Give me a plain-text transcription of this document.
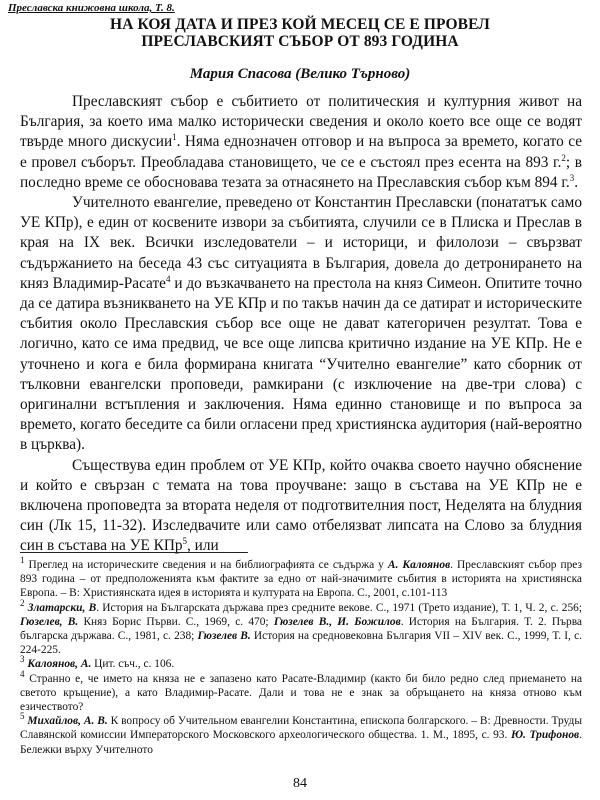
Преславска книжовна школа, Т. 8.
НА КОЯ ДАТА И ПРЕЗ КОЙ МЕСЕЦ СЕ Е ПРОВЕЛ
ПРЕСЛАВСКИЯТ СЪБОР ОТ 893 ГОДИНА
Мария Спасова (Велико Търново)

Преславският събор е събитието от политическия и културния живот на България, за което има малко исторически сведения и около което все още се водят твърде много дискусии$^1$. Няма еднозначен отговор и на въпроса за времето, когато се е провел съборът. Преобладава становището, че се е състоял през есента на 893 г.$^2$; в последно време се обосновава тезата за отнасянето на Преславския събор към 894 г.$^3$.

Учителното евангелие, преведено от Константин Преславски (понататък само УЕ КПр), е един от косвените извори за събитията, случили се в Плиска и Преслав в края на IX век. Всички изследователи – и историци, и филолози – свързват съдържанието на беседа 43 със ситуацията в България, довела до детронирането на княз Владимир-Расате$^4$ и до възкачването на престола на княз Симеон. Опитите точно да се датира възникването на УЕ КПр и по такъв начин да се датират и историческите събития около Преславския събор все още не дават категоричен резултат. Това е логично, като се има предвид, че все още липсва критично издание на УЕ КПр. Не е уточнено и кога е била формирана книгата “Учително евангелие” като сборник от тълковни евангелски проповеди, рамкирани (с изключение на две-три слова) с оригинални встъпления и заключения. Няма единно становище и по въпроса за времето, когато беседите са били огласени пред християнска аудитория (най-вероятно в църква).

Съществува един проблем от УЕ КПр, който очаква своето научно обяснение и който е свързан с темата на това проучване: защо в състава на УЕ КПр не е включена проповедта за втората неделя от подготвителния пост, Неделята на блудния син (Лк 15, 11-32). Изследвачите или само отбелязват липсата на Слово за блудния син в състава на УЕ КПр$^5$, или

$^1$ Преглед на историческите сведения и на библиографията се съдържа у А. Калоянов. Преславският събор през 893 година – от предположенията към фактите за едно от най-значимите събития в историята на християнска Европа. – В: Християнската идея в историята и културата на Европа. С., 2001, с.101-113

$^2$ Златарски, В. История на Българската държава през средните векове. С., 1971 (Трето издание), Т. 1, Ч. 2, с. 256; Гюзелев, В. Княз Борис Първи. С., 1969, с. 470; Гюзелев В., И. Божилов. История на България. Т. 2. Първа българска държава. С., 1981, с. 238; Гюзелев В. История на средновековна България VII – XIV век. С., 1999, Т. I, с. 224-225.

$^3$ Калоянов, А. Цит. съч., с. 106.

$^4$ Странно е, че името на княза не е запазено като Расате-Владимир (както би било редно след приемането на светото кръщение), а като Владимир-Расате. Дали и това не е знак за обръщането на княза отново към езичеството?

$^5$ Михайлов, А. В. К вопросу об Учительном евангелии Константина, епископа болгарского. – В: Древности. Труды Славянской комиссии Императорского Московского археологического общества. 1. М., 1895, с. 93. Ю. Трифонов. Бележки върху Учителното

84
